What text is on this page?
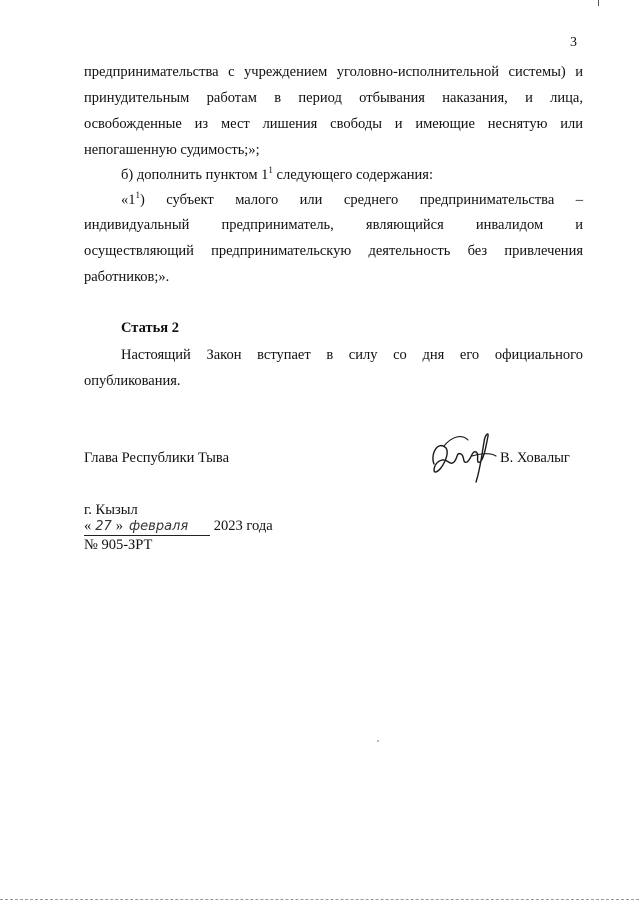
3
предпринимательства с учреждением уголовно-исполнительной системы) и
принудительным работам в период отбывания наказания, и лица,
освобожденные из мест лишения свободы и имеющие неснятую или
непогашенную судимость;»;
б) дополнить пунктом $1^1$ следующего содержания:
«$1^1$) субъект малого или среднего предпринимательства –
индивидуальный предприниматель, являющийся инвалидом и
осуществляющий предпринимательскую деятельность без привлечения
работников;».
Статья 2
Настоящий Закон вступает в силу со дня его официального
опубликования.
Глава Республики Тыва	В. Ховалыг
г. Кызыл
« 27 » февраля 2023 года
№ 905-ЗРТ
